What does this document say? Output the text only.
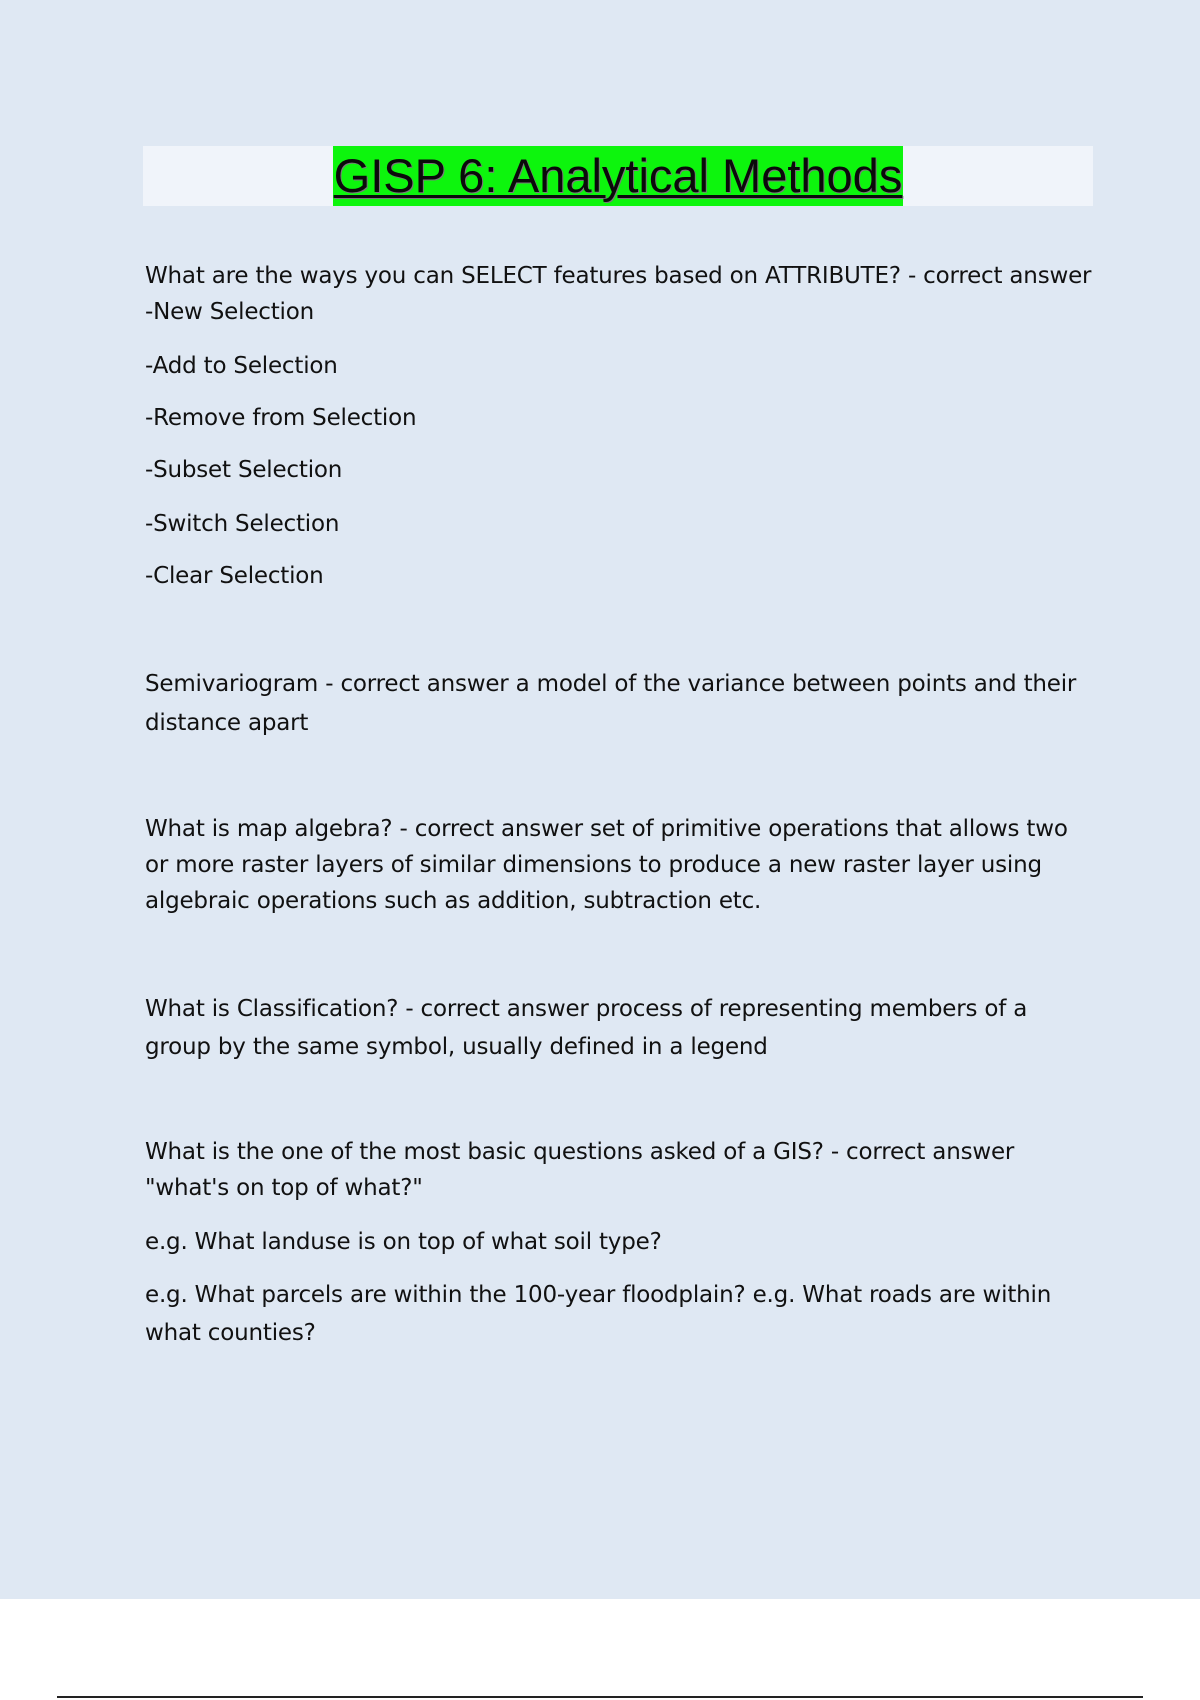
GISP 6: Analytical Methods

What are the ways you can SELECT features based on ATTRIBUTE? - correct answer -New Selection

-Add to Selection

-Remove from Selection

-Subset Selection

-Switch Selection

-Clear Selection

Semivariogram - correct answer a model of the variance between points and their distance apart

What is map algebra? - correct answer set of primitive operations that allows two or more raster layers of similar dimensions to produce a new raster layer using algebraic operations such as addition, subtraction etc.

What is Classification? - correct answer process of representing members of a group by the same symbol, usually defined in a legend

What is the one of the most basic questions asked of a GIS? - correct answer "what's on top of what?"

e.g. What landuse is on top of what soil type?

e.g. What parcels are within the 100-year floodplain? e.g. What roads are within what counties?
